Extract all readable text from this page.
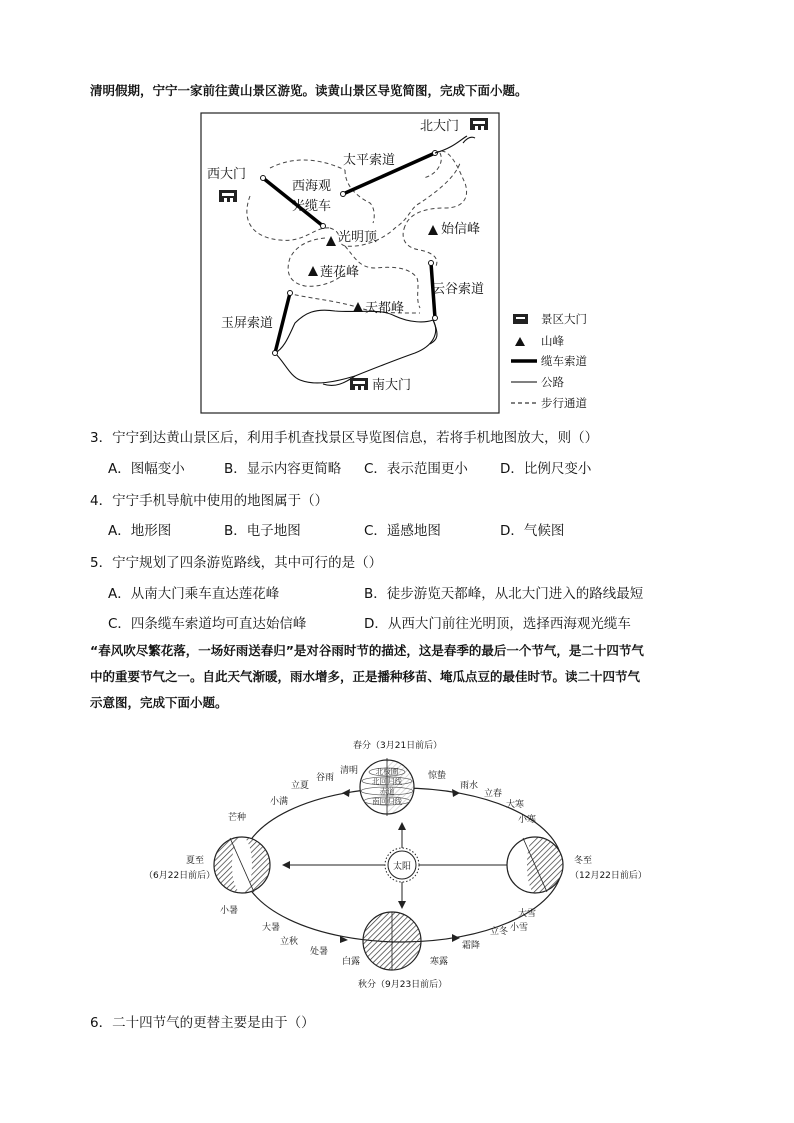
清明假期，宁宁一家前往黄山景区游览。读黄山景区导览简图，完成下面小题。
北大门
西大门
南大门
太平索道
西海观
光缆车
光明顶
始信峰
莲花峰
云谷索道
天都峰
玉屏索道	景区大门
山峰
缆车索道
公路
步行通道
3．宁宁到达黄山景区后，利用手机查找景区导览图信息，若将手机地图放大，则（）
A．图幅变小	B．显示内容更简略 C．表示范围更小 D．比例尺变小
4．宁宁手机导航中使用的地图属于（）
A．地形图	B．电子地图	C．遥感地图	D．气候图
5．宁宁规划了四条游览路线，其中可行的是（）
A．从南大门乘车直达莲花峰	B．徒步游览天都峰，从北大门进入的路线最短
C．四条缆车索道均可直达始信峰	D．从西大门前往光明顶，选择西海观光缆车
“春风吹尽繁花落，一场好雨送春归”是对谷雨时节的描述，这是春季的最后一个节气，是二十四节气
中的重要节气之一。自此天气渐暖，雨水增多，正是播种移苗、埯瓜点豆的最佳时节。读二十四节气
示意图，完成下面小题。
太阳
北极圈
北回归线
赤道
南回归线
春分（3月21日前后）
秋分（9月23日前后）
夏至
（6月22日前后）
冬至
（12月22日前后）
清明
谷雨
立夏
小满
芒种
小暑
大暑
立秋
处暑
白露	寒露
霜降
立冬 小雪
大雪
小寒
大寒
立春
雨水
惊蛰
6．二十四节气的更替主要是由于（）
